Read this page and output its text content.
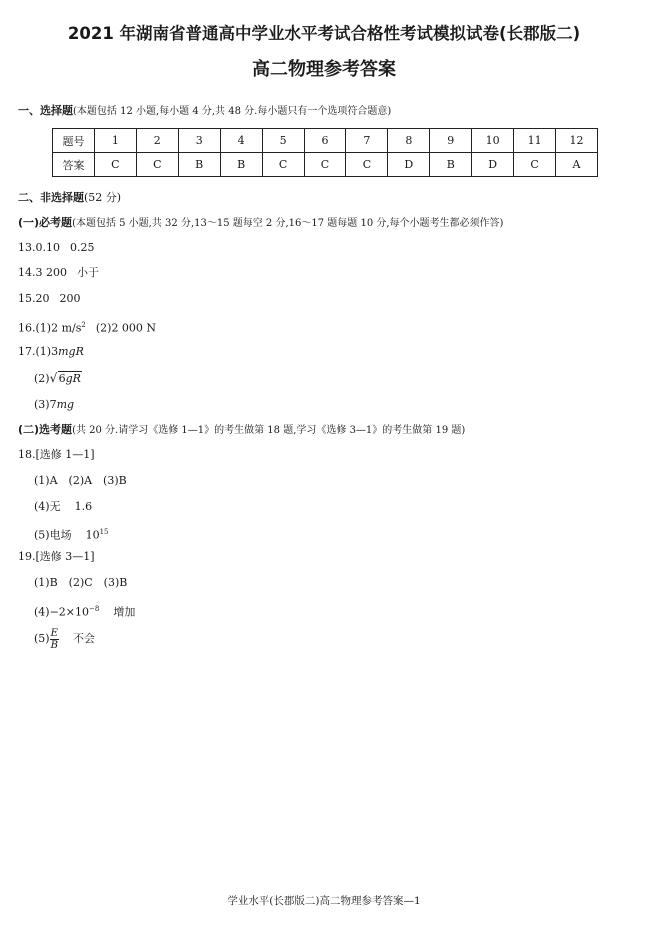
2021 年湖南省普通高中学业水平考试合格性考试模拟试卷(长郡版二)
高二物理参考答案
一、选择题(本题包括 12 小题,每小题 4 分,共 48 分.每小题只有一个选项符合题意)
题号	1	2	3	4	5	6	7	8	9	10	11	12
答案	C	C	B	B	C	C	C	D	B	D	C	A
二、非选择题(52 分)
(一)必考题(本题包括 5 小题,共 32 分,13～15 题每空 2 分,16～17 题每题 10 分,每个小题考生都必须作答)
13.0.10 0.25
14.3 200 小于
15.20 200
16.(1)2 $m/s^2$ (2)2 000 N
17.(1)3mgR
(2) √ 6gR
(3)7mg
(二)选考题(共 20 分.请学习《选修 1—1》的考生做第 18 题,学习《选修 3—1》的考生做第 19 题)
18.[选修 1—1]
(1)A　(2)A　(3)B
(4)无 1.6
(5)电场 $10^{15}$
19.[选修 3—1]
(1)B　(2)C　(3)B
$(4)-2\times 10^{-8}$ 增加
$(5) \frac{E}{B}$ 不会
学业水平(长郡版二)高二物理参考答案—1
